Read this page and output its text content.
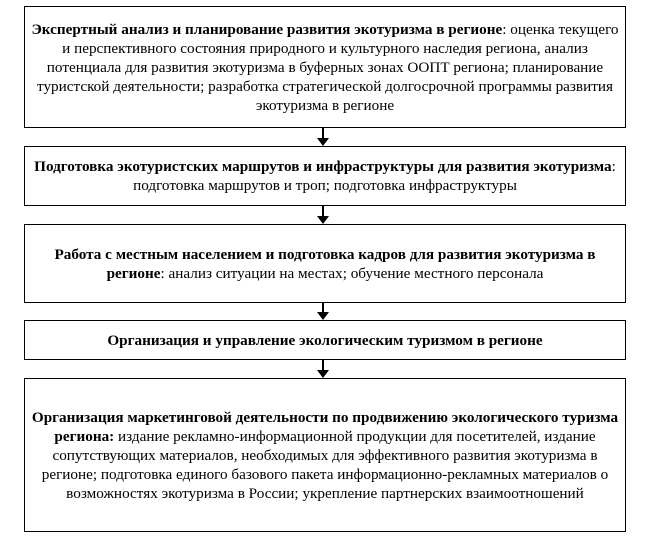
Экспертный анализ и планирование развития экотуризма в регионе: оценка текущего и перспективного состояния природного и культурного наследия региона, анализ потенциала для развития экотуризма в буферных зонах ООПТ региона; планирование туристской деятельности; разработка стратегической долгосрочной программы развития экотуризма в регионе
Подготовка экотуристских маршрутов и инфраструктуры для развития экотуризма: подготовка маршрутов и троп; подготовка инфраструктуры
Работа с местным населением и подготовка кадров для развития экотуризма в регионе: анализ ситуации на местах; обучение местного персонала
Организация и управление экологическим туризмом в регионе
Организация маркетинговой деятельности по продвижению экологического туризма региона: издание рекламно-информационной продукции для посетителей, издание сопутствующих материалов, необходимых для эффективного развития экотуризма в регионе; подготовка единого базового пакета информационно-рекламных материалов о возможностях экотуризма в России; укрепление партнерских взаимоотношений
